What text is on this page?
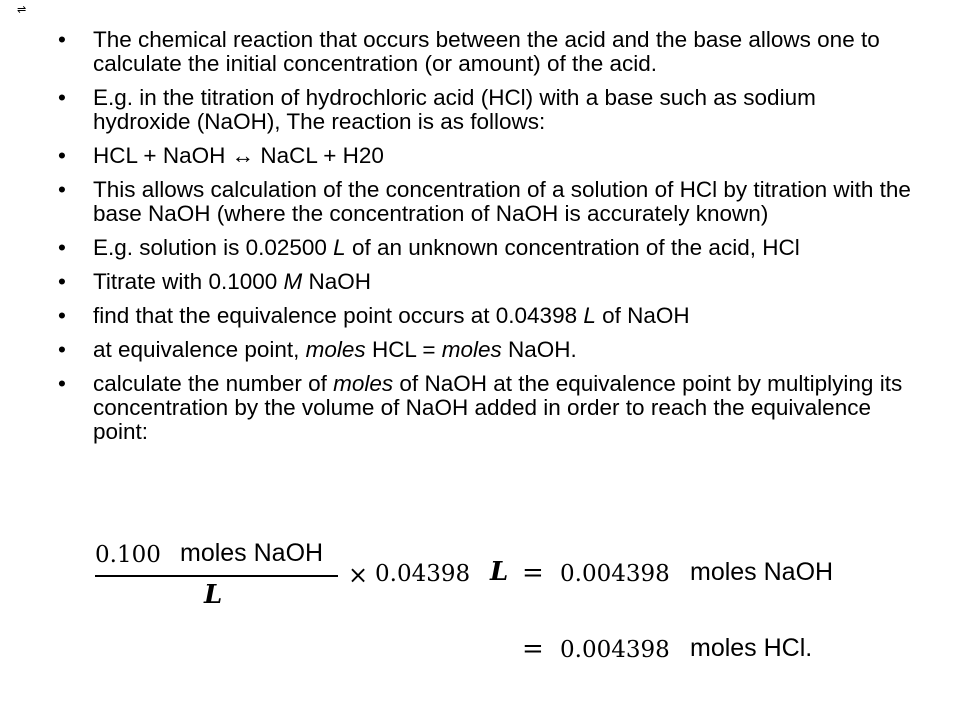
⇌
• The chemical reaction that occurs between the acid and the base allows one to calculate the initial concentration (or amount) of the acid.
• E.g. in the titration of hydrochloric acid (HCl) with a base such as sodium hydroxide (NaOH), The reaction is as follows:
• HCL + NaOH ↔ NaCL + H20
• This allows calculation of the concentration of a solution of HCl by titration with the base NaOH (where the concentration of NaOH is accurately known)
• E.g. solution is 0.02500 L of an unknown concentration of the acid, HCl
• Titrate with 0.1000 M NaOH
• find that the equivalence point occurs at 0.04398 L of NaOH
• at equivalence point, moles HCL = moles NaOH.
• calculate the number of moles of NaOH at the equivalence point by multiplying its concentration by the volume of NaOH added in order to reach the equivalence point:
0.100 moles NaOH
L
× 0.04398 L = 0.004398 moles NaOH
= 0.004398 moles HCl.
